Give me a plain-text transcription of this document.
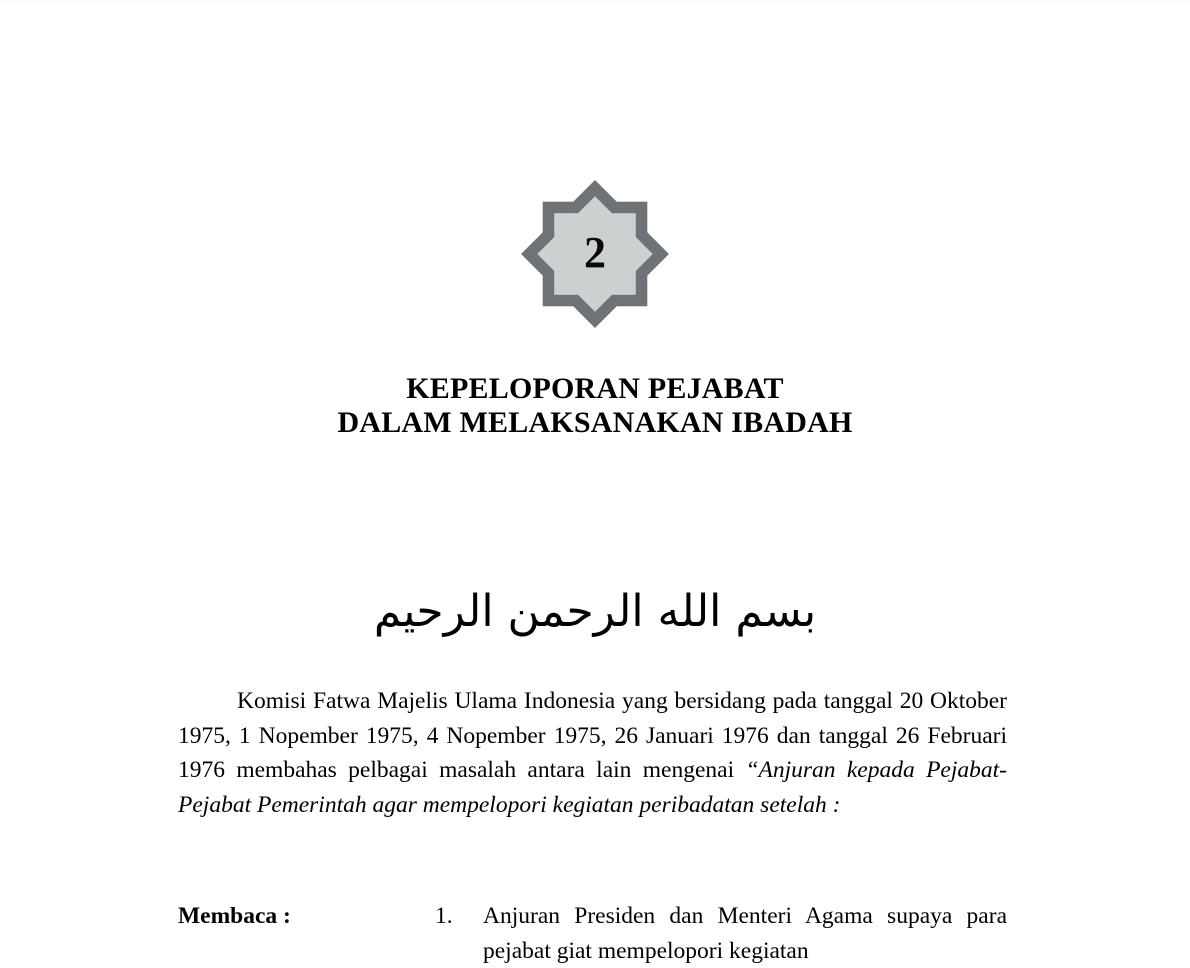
2
KEPELOPORAN PEJABAT
DALAM MELAKSANAKAN IBADAH
بسم الله الرحمن الرحيم

Komisi Fatwa Majelis Ulama Indonesia yang bersidang pada tanggal 20 Oktober 1975, 1 Nopember 1975, 4 Nopember 1975, 26 Januari 1976 dan tanggal 26 Februari 1976 membahas pelbagai masalah antara lain mengenai “Anjuran kepada Pejabat-Pejabat Pemerintah agar mempelopori kegiatan peribadatan setelah :

Membaca :	1.	Anjuran Presiden dan Menteri Agama supaya para pejabat giat mempelopori kegiatan
